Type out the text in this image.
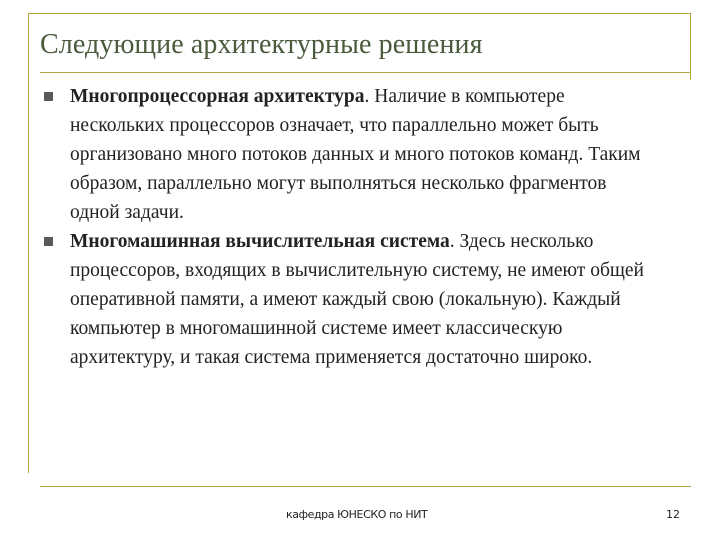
Следующие архитектурные решения
Многопроцессорная архитектура. Наличие в компьютере нескольких процессоров означает, что параллельно может быть организовано много потоков данных и много потоков команд. Таким образом, параллельно могут выполняться несколько фрагментов одной задачи.
Многомашинная вычислительная система. Здесь несколько процессоров, входящих в вычислительную систему, не имеют общей оперативной памяти, а имеют каждый свою (локальную). Каждый компьютер в многомашинной системе имеет классическую архитектуру, и такая система применяется достаточно широко.
кафедра ЮНЕСКО по НИТ	12
